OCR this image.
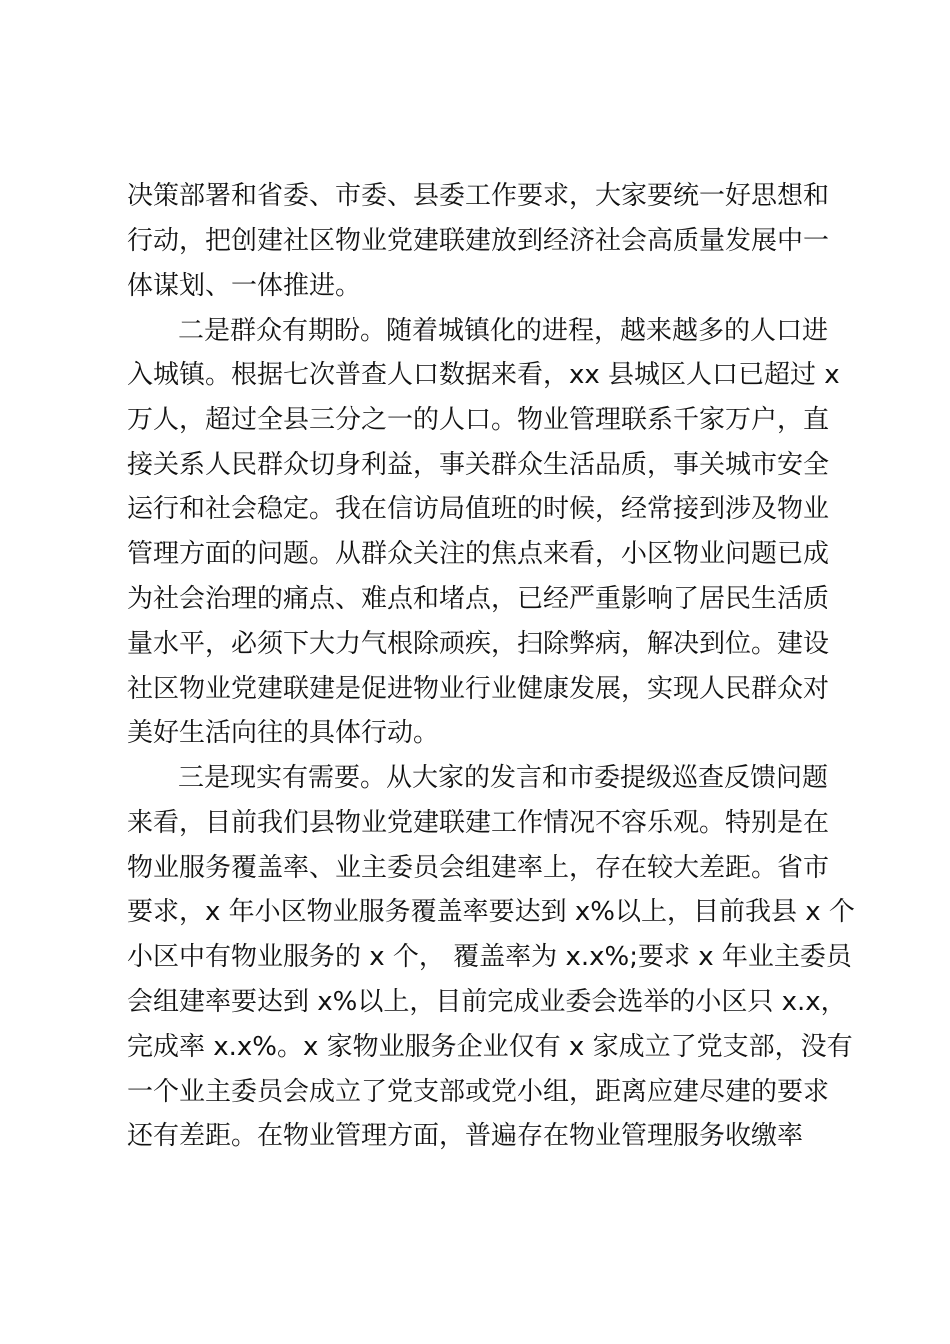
决策部署和省委、市委、县委工作要求，大家要统一好思想和
行动，把创建社区物业党建联建放到经济社会高质量发展中一
体谋划、一体推进。
二是群众有期盼。随着城镇化的进程，越来越多的人口进
入城镇。根据七次普查人口数据来看，xx 县城区人口已超过 x
万人，超过全县三分之一的人口。物业管理联系千家万户，直
接关系人民群众切身利益，事关群众生活品质，事关城市安全
运行和社会稳定。我在信访局值班的时候，经常接到涉及物业
管理方面的问题。从群众关注的焦点来看，小区物业问题已成
为社会治理的痛点、难点和堵点，已经严重影响了居民生活质
量水平，必须下大力气根除顽疾，扫除弊病，解决到位。建设
社区物业党建联建是促进物业行业健康发展，实现人民群众对
美好生活向往的具体行动。
三是现实有需要。从大家的发言和市委提级巡查反馈问题
来看，目前我们县物业党建联建工作情况不容乐观。特别是在
物业服务覆盖率、业主委员会组建率上，存在较大差距。省市
要求，x 年小区物业服务覆盖率要达到 x%以上，目前我县 x 个
小区中有物业服务的 x 个， 覆盖率为 x.x%;要求 x 年业主委员
会组建率要达到 x%以上，目前完成业委会选举的小区只 x.x，
完成率 x.x%。x 家物业服务企业仅有 x 家成立了党支部，没有
一个业主委员会成立了党支部或党小组，距离应建尽建的要求
还有差距。在物业管理方面，普遍存在物业管理服务收缴率
